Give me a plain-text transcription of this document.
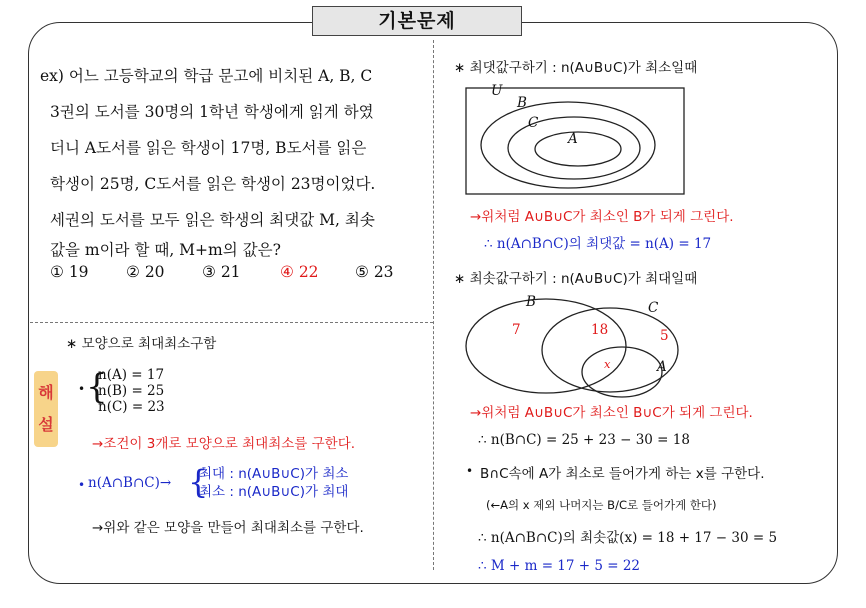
기본문제
ex) 어느 고등학교의 학급 문고에 비치된 A, B, C
3권의 도서를 30명의 1학년 학생에게 읽게 하였
더니 A도서를 읽은 학생이 17명, B도서를 읽은
학생이 25명, C도서를 읽은 학생이 23명이었다.
세권의 도서를 모두 읽은 학생의 최댓값 M, 최솟
값을 m이라 할 때, M+m의 값은?
① 19 ② 20 ③ 21	④ 22 ⑤ 23
∗ 모양으로 최대최소구함
해
설
• {
n(A) = 17
n(B) = 25
n(C) = 23
→조건이 3개로 모양으로 최대최소를 구한다.
• n(A∩B∩C)→ {
최대 : n(A∪B∪C)가 최소
최소 : n(A∪B∪C)가 최대
→위와 같은 모양을 만들어 최대최소를 구한다.
∗ 최댓값구하기 : n(A∪B∪C)가 최소일때
U
B
C
A
→위처럼 A∪B∪C가 최소인 B가 되게 그린다.
∴ n(A∩B∩C)의 최댓값 = n(A) = 17
∗ 최솟값구하기 : n(A∪B∪C)가 최대일때
B	C
A
7	18	5
x
→위처럼 A∪B∪C가 최소인 B∪C가 되게 그린다.
∴ n(B∩C) = 25 + 23 − 30 = 18
• B∩C속에 A가 최소로 들어가게 하는 x를 구한다.
(←A의 x 제외 나머지는 B/C로 들어가게 한다)
∴ n(A∩B∩C)의 최솟값(x) = 18 + 17 − 30 = 5
∴ M + m = 17 + 5 = 22
